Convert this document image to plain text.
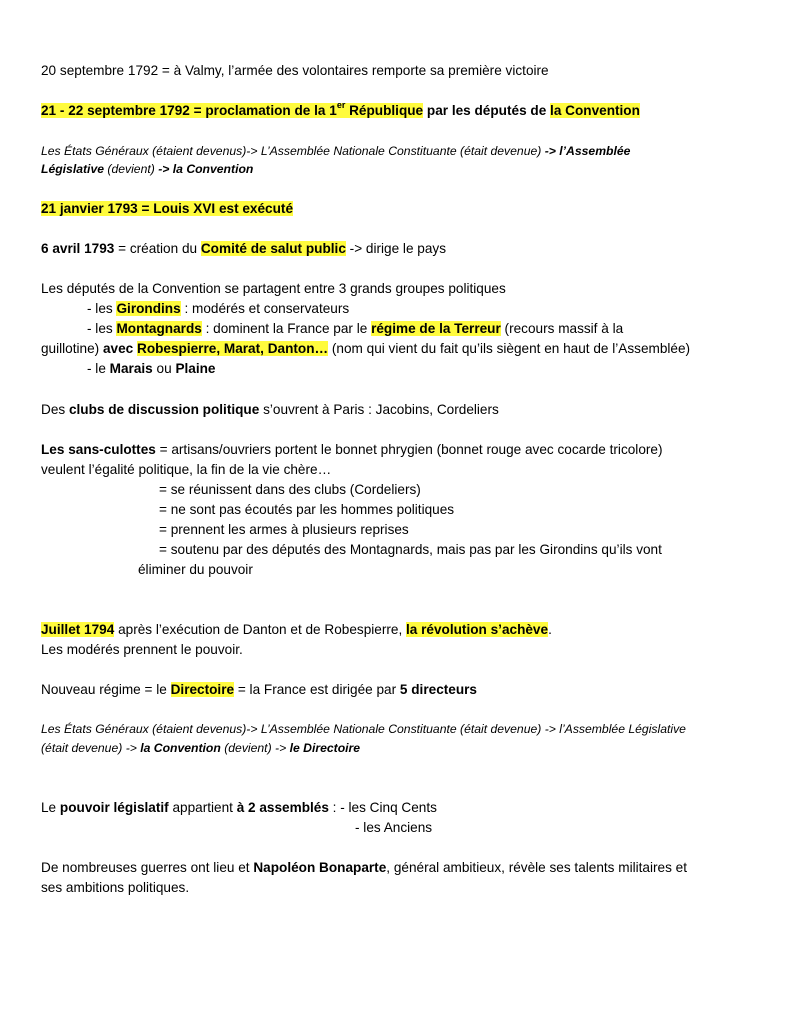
20 septembre 1792 = à Valmy, l’armée des volontaires remporte sa première victoire
21 - 22 septembre 1792 = proclamation de la 1er République par les députés de la Convention
Les États Généraux (étaient devenus)-> L’Assemblée Nationale Constituante (était devenue) -> l’Assemblée
Législative (devient) -> la Convention
21 janvier 1793 = Louis XVI est exécuté
6 avril 1793 = création du Comité de salut public -> dirige le pays
Les députés de la Convention se partagent entre 3 grands groupes politiques
- les Girondins : modérés et conservateurs
- les Montagnards : dominent la France par le régime de la Terreur (recours massif à la
guillotine) avec Robespierre, Marat, Danton… (nom qui vient du fait qu’ils siègent en haut de l’Assemblée)
- le Marais ou Plaine
Des clubs de discussion politique s’ouvrent à Paris : Jacobins, Cordeliers
Les sans-culottes = artisans/ouvriers portent le bonnet phrygien (bonnet rouge avec cocarde tricolore)
veulent l’égalité politique, la fin de la vie chère…
= se réunissent dans des clubs (Cordeliers)
= ne sont pas écoutés par les hommes politiques
= prennent les armes à plusieurs reprises
= soutenu par des députés des Montagnards, mais pas par les Girondins qu’ils vont
éliminer du pouvoir
Juillet 1794 après l’exécution de Danton et de Robespierre, la révolution s’achève.
Les modérés prennent le pouvoir.
Nouveau régime = le Directoire = la France est dirigée par 5 directeurs
Les États Généraux (étaient devenus)-> L’Assemblée Nationale Constituante (était devenue) -> l’Assemblée Législative
(était devenue) -> la Convention (devient) -> le Directoire
Le pouvoir législatif appartient à 2 assemblés : - les Cinq Cents
- les Anciens
De nombreuses guerres ont lieu et Napoléon Bonaparte, général ambitieux, révèle ses talents militaires et
ses ambitions politiques.
